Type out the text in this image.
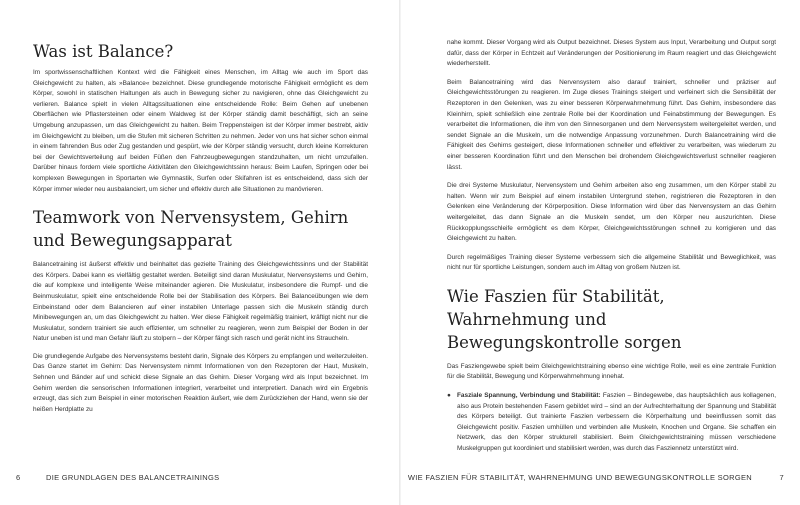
Was ist Balance?

Im sportwissenschaftlichen Kontext wird die Fähigkeit eines Menschen, im Alltag wie auch im Sport das Gleichgewicht zu halten, als »Balance« bezeichnet. Diese grundlegende motorische Fähigkeit ermöglicht es dem Körper, sowohl in statischen Haltungen als auch in Bewegung sicher zu navigieren, ohne das Gleichgewicht zu verlieren. Balance spielt in vielen Alltagssituationen eine entscheidende Rolle: Beim Gehen auf unebenen Oberflächen wie Pflastersteinen oder einem Waldweg ist der Körper ständig damit beschäftigt, sich an seine Umgebung anzupassen, um das Gleichgewicht zu halten. Beim Treppensteigen ist der Körper immer bestrebt, aktiv im Gleichgewicht zu bleiben, um die Stufen mit sicheren Schritten zu nehmen. Jeder von uns hat sicher schon einmal in einem fahrenden Bus oder Zug gestanden und gespürt, wie der Körper ständig versucht, durch kleine Korrekturen bei der Gewichtsverteilung auf beiden Füßen den Fahrzeugbewegungen standzuhalten, um nicht umzufallen. Darüber hinaus fordern viele sportliche Aktivitäten den Gleichgewichtssinn heraus: Beim Laufen, Springen oder bei komplexen Bewegungen in Sportarten wie Gymnastik, Surfen oder Skifahren ist es entscheidend, dass sich der Körper immer wieder neu ausbalanciert, um sicher und effektiv durch alle Situationen zu manövrieren.

Teamwork von Nervensystem, Gehirn und Bewegungsapparat

Balancetraining ist äußerst effektiv und beinhaltet das gezielte Training des Gleichgewichtssinns und der Stabilität des Körpers. Dabei kann es vielfältig gestaltet werden. Beteiligt sind daran Muskulatur, Nervensystems und Gehirn, die auf komplexe und intelligente Weise miteinander agieren. Die Muskulatur, insbesondere die Rumpf- und die Beinmuskulatur, spielt eine entscheidende Rolle bei der Stabilisation des Körpers. Bei Balanceübungen wie dem Einbeinstand oder dem Balancieren auf einer instabilen Unterlage passen sich die Muskeln ständig durch Minibewegungen an, um das Gleichgewicht zu halten. Wer diese Fähigkeit regelmäßig trainiert, kräftigt nicht nur die Muskulatur, sondern trainiert sie auch effizienter, um schneller zu reagieren, wenn zum Beispiel der Boden in der Natur uneben ist und man Gefahr läuft zu stolpern – der Körper fängt sich rasch und gerät nicht ins Straucheln.

Die grundlegende Aufgabe des Nervensystems besteht darin, Signale des Körpers zu empfangen und weiterzuleiten. Das Ganze startet im Gehirn: Das Nervensystem nimmt Informationen von den Rezeptoren der Haut, Muskeln, Sehnen und Bänder auf und schickt diese Signale an das Gehirn. Dieser Vorgang wird als Input bezeichnet. Im Gehirn werden die sensorischen Informationen integriert, verarbeitet und interpretiert. Danach wird ein Ergebnis erzeugt, das sich zum Beispiel in einer motorischen Reaktion äußert, wie dem Zurückziehen der Hand, wenn sie der heißen Herdplatte zu

6	DIE GRUNDLAGEN DES BALANCETRAININGS

nahe kommt. Dieser Vorgang wird als Output bezeichnet. Dieses System aus Input, Verarbeitung und Output sorgt dafür, dass der Körper in Echtzeit auf Veränderungen der Positionierung im Raum reagiert und das Gleichgewicht wiederherstellt.

Beim Balancetraining wird das Nervensystem also darauf trainiert, schneller und präziser auf Gleichgewichtsstörungen zu reagieren. Im Zuge dieses Trainings steigert und verfeinert sich die Sensibilität der Rezeptoren in den Gelenken, was zu einer besseren Körperwahrnehmung führt. Das Gehirn, insbesondere das Kleinhirn, spielt schließlich eine zentrale Rolle bei der Koordination und Feinabstimmung der Bewegungen. Es verarbeitet die Informationen, die ihm von den Sinnesorganen und dem Nervensystem weitergeleitet werden, und sendet Signale an die Muskeln, um die notwendige Anpassung vorzunehmen. Durch Balancetraining wird die Fähigkeit des Gehirns gesteigert, diese Informationen schneller und effektiver zu verarbeiten, was wiederum zu einer besseren Koordination führt und den Menschen bei drohendem Gleichgewichtsverlust schneller reagieren lässt.

Die drei Systeme Muskulatur, Nervensystem und Gehirn arbeiten also eng zusammen, um den Körper stabil zu halten. Wenn wir zum Beispiel auf einem instabilen Untergrund stehen, registrieren die Rezeptoren in den Gelenken eine Veränderung der Körperposition. Diese Information wird über das Nervensystem an das Gehirn weitergeleitet, das dann Signale an die Muskeln sendet, um den Körper neu auszurichten. Diese Rückkopplungsschleife ermöglicht es dem Körper, Gleichgewichtsstörungen schnell zu korrigieren und das Gleichgewicht zu halten.

Durch regelmäßiges Training dieser Systeme verbessern sich die allgemeine Stabilität und Beweglichkeit, was nicht nur für sportliche Leistungen, sondern auch im Alltag von großem Nutzen ist.

Wie Faszien für Stabilität, Wahrnehmung und Bewegungskontrolle sorgen

Das Fasziengewebe spielt beim Gleichgewichtstraining ebenso eine wichtige Rolle, weil es eine zentrale Funktion für die Stabilität, Bewegung und Körperwahrnehmung innehat.

● Fasziale Spannung, Verbindung und Stabilität: Faszien – Bindegewebe, das hauptsächlich aus kollagenen, also aus Protein bestehenden Fasern gebildet wird – sind an der Aufrechterhaltung der Spannung und Stabilität des Körpers beteiligt. Gut trainierte Faszien verbessern die Körperhaltung und beeinflussen somit das Gleichgewicht positiv. Faszien umhüllen und verbinden alle Muskeln, Knochen und Organe. Sie schaffen ein Netzwerk, das den Körper strukturell stabilisiert. Beim Gleichgewichtstraining müssen verschiedene Muskelgruppen gut koordiniert und stabilisiert werden, was durch das Fasziennetz unterstützt wird.
WIE FASZIEN FÜR STABILITÄT, WAHRNEHMUNG UND BEWEGUNGSKONTROLLE SORGEN	7
